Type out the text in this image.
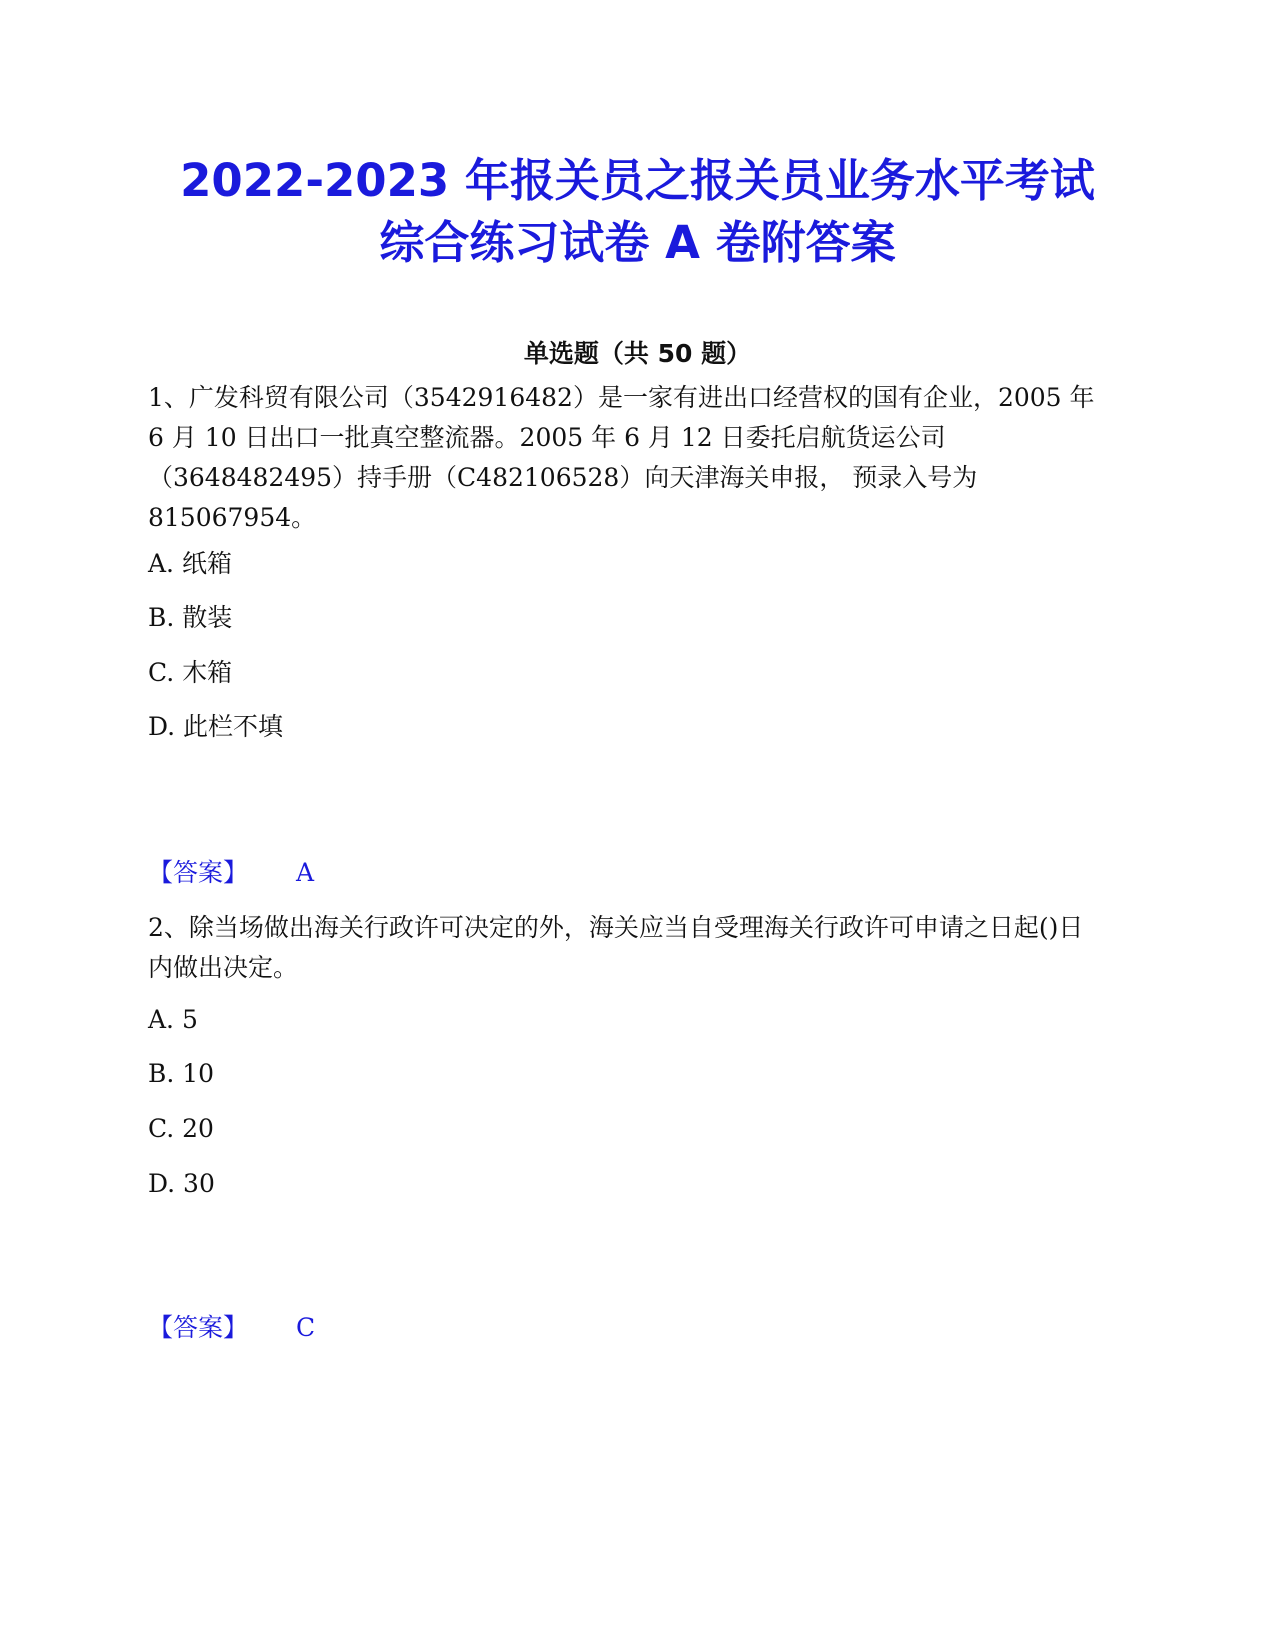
2022-2023 年报关员之报关员业务水平考试
综合练习试卷 A 卷附答案
单选题（共 50 题）

1、广发科贸有限公司（3542916482）是一家有进出口经营权的国有企业，2005 年 6 月 10 日出口一批真空整流器。2005 年 6 月 12 日委托启航货运公司（3648482495）持手册（C482106528）向天津海关申报， 预录入号为815067954。

A. 纸箱

B. 散装

C. 木箱

D. 此栏不填

【答案】 A

2、除当场做出海关行政许可决定的外，海关应当自受理海关行政许可申请之日起()日内做出决定。

A. 5

B. 10

C. 20

D. 30

【答案】 C
